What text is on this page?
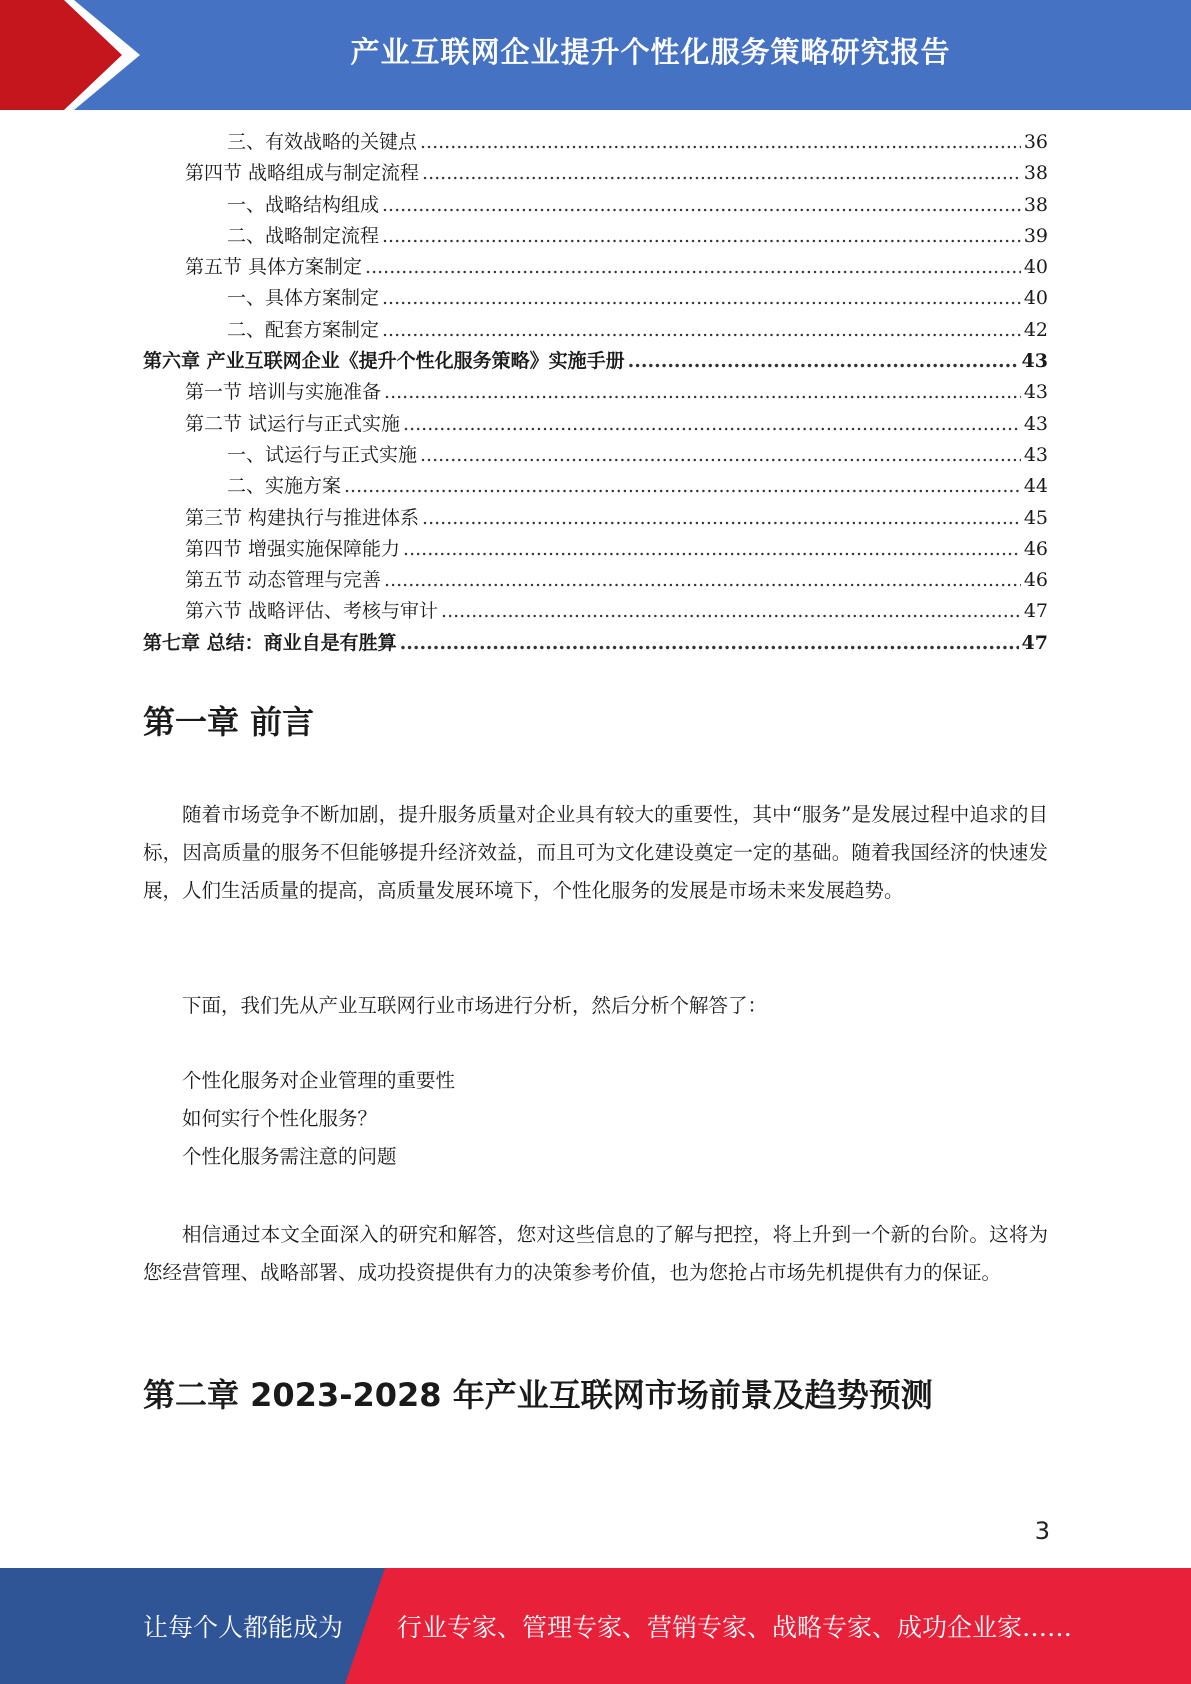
产业互联网企业提升个性化服务策略研究报告
三、有效战略的关键点 .....	36
第四节 战略组成与制定流程 .....	38
一、战略结构组成 .....	38
二、战略制定流程 .....	39
第五节 具体方案制定 .....	40
一、具体方案制定 .....	40
二、配套方案制定 .....	42
第六章 产业互联网企业《提升个性化服务策略》实施手册 .....	43
第一节 培训与实施准备 .....	43
第二节 试运行与正式实施 .....	43
一、试运行与正式实施 .....	43
二、实施方案 .....	44
第三节 构建执行与推进体系 .....	45
第四节 增强实施保障能力 .....	46
第五节 动态管理与完善 .....	46
第六节 战略评估、考核与审计 .....	47
第七章 总结：商业自是有胜算 .....	47
第一章 前言

随着市场竞争不断加剧，提升服务质量对企业具有较大的重要性，其中“服务”是发展过程中追求的目标，因高质量的服务不但能够提升经济效益，而且可为文化建设奠定一定的基础。随着我国经济的快速发展，人们生活质量的提高，高质量发展环境下，个性化服务的发展是市场未来发展趋势。

下面，我们先从产业互联网行业市场进行分析，然后分析个解答了：

个性化服务对企业管理的重要性

如何实行个性化服务？

个性化服务需注意的问题

相信通过本文全面深入的研究和解答，您对这些信息的了解与把控，将上升到一个新的台阶。这将为您经营管理、战略部署、成功投资提供有力的决策参考价值，也为您抢占市场先机提供有力的保证。

第二章 2023-2028 年产业互联网市场前景及趋势预测
3
让每个人都能成为 行业专家、管理专家、营销专家、战略专家、成功企业家……
